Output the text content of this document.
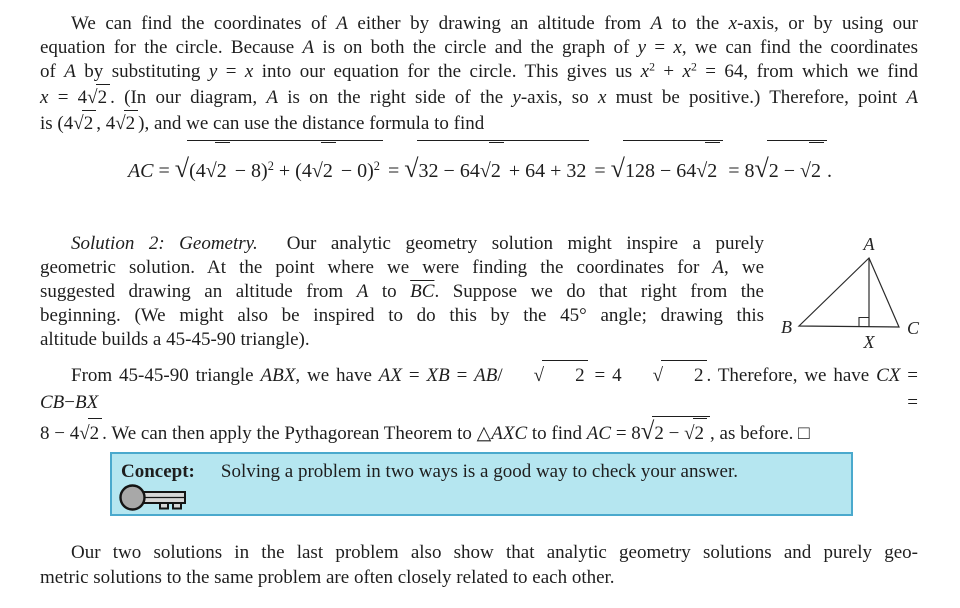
We can find the coordinates of A either by drawing an altitude from A to the x-axis, or by using our
equation for the circle. Because A is on both the circle and the graph of y = x, we can find the coordinates
of A by substituting y = x into our equation for the circle. This gives us $x^2 + x^2 = 64$, from which we find
x = 4 √ 2 . (In our diagram, A is on the right side of the y-axis, so x must be positive.) Therefore, point A
is (4 √ 2 , 4 √ 2 ), and we can use the distance formula to find
AC = √ (4 √ 2 − 8)$^2$ + (4 √ 2 − 0)$^2$ = √ 32 − 64 √ 2 + 64 + 32 = √ 128 − 64 √ 2 = 8 √ 2 − √ 2 .
Solution 2: Geometry.  Our analytic geometry solution might inspire a purely
geometric solution. At the point where we were finding the coordinates for A, we
suggested drawing an altitude from A to $\overline{BC}$. Suppose we do that right from the
beginning. (We might also be inspired to do this by the 45° angle; drawing this
altitude builds a 45-45-90 triangle).
A
B	C
X
From 45-45-90 triangle ABX, we have AX = XB = AB/	√	2 = 4	√	2 . Therefore, we have CX = CB−BX =
8 − 4 √ 2 . We can then apply the Pythagorean Theorem to △AXC to find AC = 8 √ 2 − √ 2 , as before. □
Concept: Solving a problem in two ways is a good way to check your answer.
Our two solutions in the last problem also show that analytic geometry solutions and purely geo-
metric solutions to the same problem are often closely related to each other.
